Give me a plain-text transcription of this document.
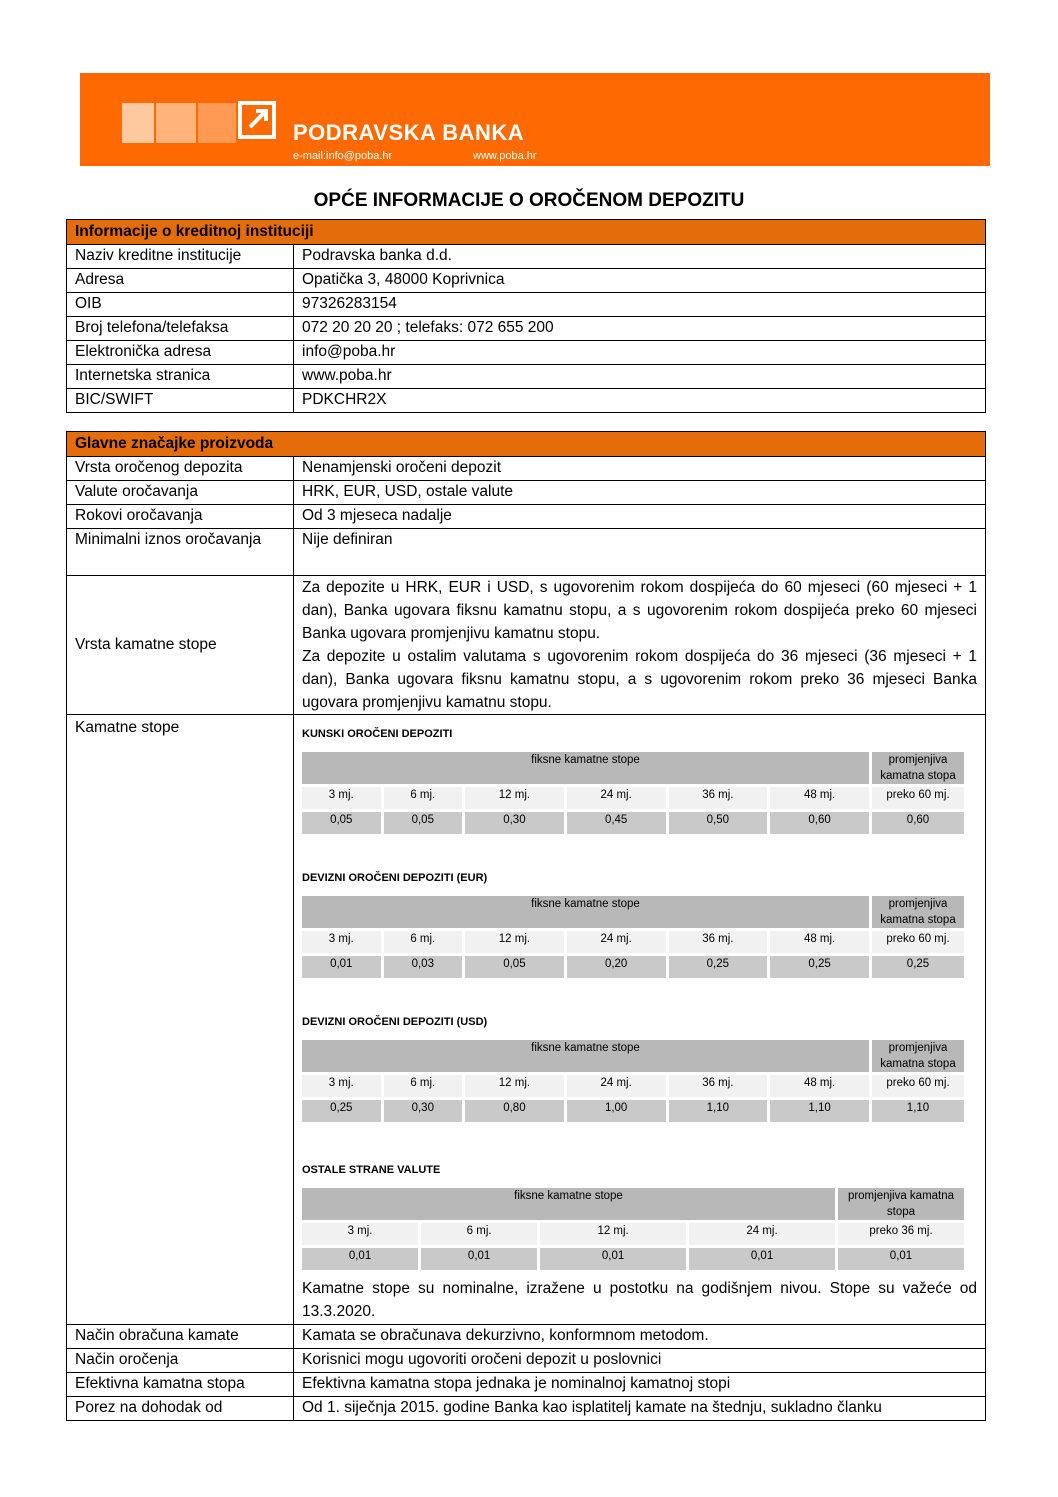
PODRAVSKA BANKA
e-mail:info@poba.hr	www.poba.hr
OPĆE INFORMACIJE O OROČENOM DEPOZITU
Informacije o kreditnoj instituciji	
Naziv kreditne institucije	Podravska banka d.d.
Adresa	Opatička 3, 48000 Koprivnica
OIB	97326283154
Broj telefona/telefaksa	072 20 20 20 ; telefaks: 072 655 200
Elektronička adresa	info@poba.hr
Internetska stranica	www.poba.hr
BIC/SWIFT	PDKCHR2X
Glavne značajke proizvoda
Vrsta oročenog depozita	Nenamjenski oročeni depozit
Valute oročavanja	HRK, EUR, USD, ostale valute
Rokovi oročavanja	Od 3 mjeseca nadalje
Minimalni iznos oročavanja	Nije definiran
Vrsta kamatne stope	
Za depozite u HRK, EUR i USD, s ugovorenim rokom dospijeća do 60 mjeseci (60 mjeseci + 1 dan), Banka ugovara fiksnu kamatnu stopu, a s ugovorenim rokom dospijeća preko 60 mjeseci Banka ugovara promjenjivu kamatnu stopu.
Za depozite u ostalim valutama s ugovorenim rokom dospijeća do 36 mjeseci (36 mjeseci + 1 dan), Banka ugovara fiksnu kamatnu stopu, a s ugovorenim rokom preko 36 mjeseci Banka ugovara promjenjivu kamatnu stopu.

Kamatne stope	KUNSKI OROČENI DEPOZITI
fiksne kamatne stope	promjenjiva kamatna stopa
3 mj.	6 mj.	12 mj.	24 mj.	36 mj.	48 mj.	preko 60 mj.
0,05	0,05	0,30	0,45	0,50	0,60	0,60
DEVIZNI OROČENI DEPOZITI (EUR)
fiksne kamatne stope	promjenjiva kamatna stopa
3 mj.	6 mj.	12 mj.	24 mj.	36 mj.	48 mj.	preko 60 mj.
0,01	0,03	0,05	0,20	0,25	0,25	0,25
DEVIZNI OROČENI DEPOZITI (USD)
fiksne kamatne stope	promjenjiva kamatna stopa
3 mj.	6 mj.	12 mj.	24 mj.	36 mj.	48 mj.	preko 60 mj.
0,25	0,30	0,80	1,00	1,10	1,10	1,10
OSTALE STRANE VALUTE
fiksne kamatne stope	promjenjiva kamatna stopa
3 mj.	6 mj.	12 mj.	24 mj.	preko 36 mj.
0,01	0,01	0,01	0,01	0,01
Kamatne stope su nominalne, izražene u postotku na godišnjem nivou. Stope su važeće od 13.3.2020.

Način obračuna kamate	Kamata se obračunava dekurzivno, konformnom metodom.
Način oročenja	Korisnici mogu ugovoriti oročeni depozit u poslovnici
Efektivna kamatna stopa	Efektivna kamatna stopa jednaka je nominalnoj kamatnoj stopi
Porez na dohodak od	Od 1. siječnja 2015. godine Banka kao isplatitelj kamate na štednju, sukladno članku
